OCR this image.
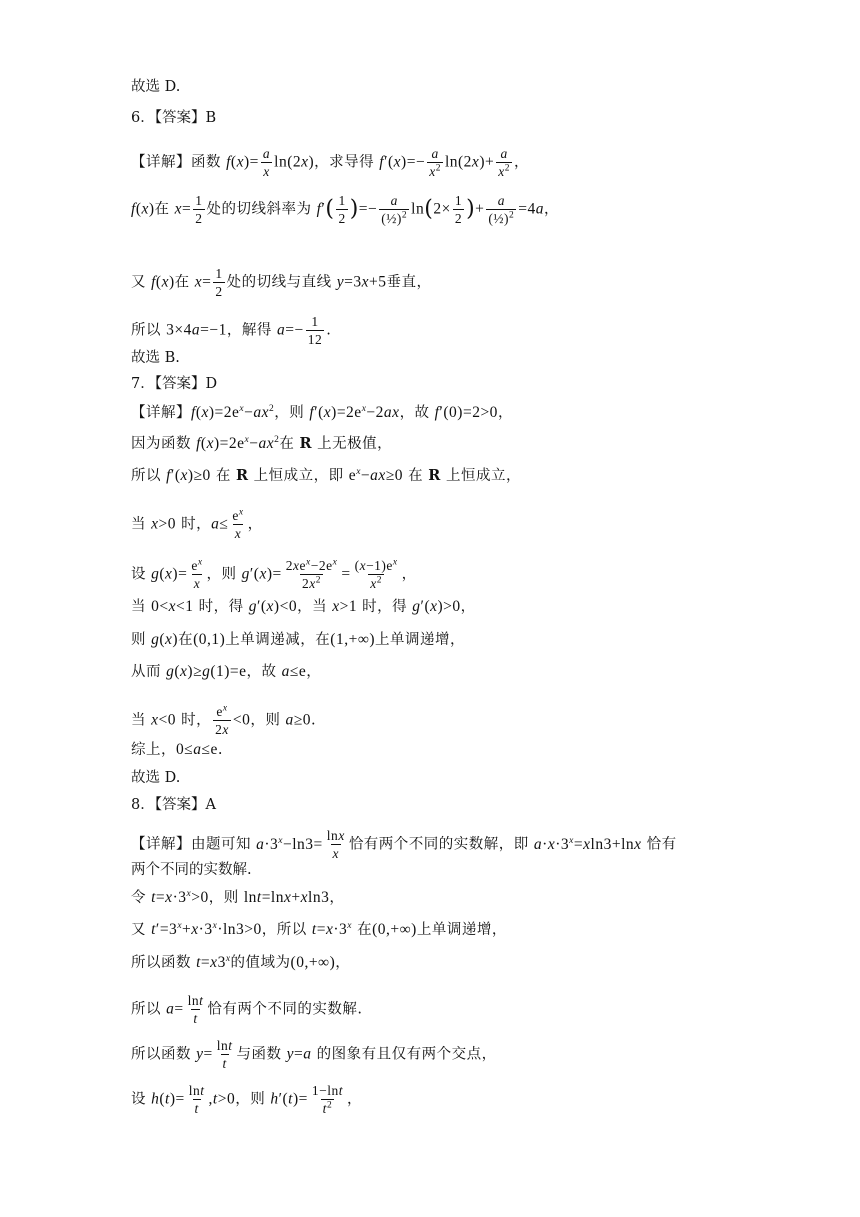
故选 D.
6．【答案】B
【详解】函数 $f(x)= \frac{a}{x} \ln(2x)$，求导得 $f'(x)=- \frac{a}{x^2} \ln(2x)+ \frac{a}{x^2}$ ，
f(x)在 $x= \frac{1}{2}$ 处的切线斜率为 $f'( \frac{1}{2}$ )=− $\frac{a}{(\frac{1}{2})^2} \ln(2\times \frac{1}{2}$ )+ $\frac{a}{(\frac{1}{2})^2} =4a$，
又 f(x)在 $x= \frac{1}{2}$ 处的切线与直线 y=3x+5垂直，
所以 3×4a=−1，解得 $a=- \frac{1}{12}$ .
故选 B.
7．【答案】D
【详解】$f(x)=2e^x-ax^2$，则 $f'(x)=2e^x-2ax$，故 f′(0)=2>0，
因为函数 $f(x)=2e^x-ax^2$在 R 上无极值，
所以 f′(x)≥0 在 R 上恒成立，即 $e^x-ax\ge 0$ 在 R 上恒成立，
当 x>0 时，$a\le \frac{e^x}{x}$ ，
设 $g(x)= \frac{e^x}{x}$ ，则 $g'(x)= \frac{2xe^x-2e^x}{2x^2} = \frac{(x-1)e^x}{x^2}$ ，
当 0<x<1 时，得 g′(x)<0，当 x>1 时，得 g′(x)>0，
则 g(x)在(0,1)上单调递减，在(1,+∞)上单调递增，
从而 g(x)≥g(1)=e，故 a≤e，
当 x<0 时， $\frac{e^x}{2x} <0$，则 a≥0.
综上，0≤a≤e.
故选 D.
8．【答案】A
【详解】由题可知 $a\cdot 3^x-\ln 3= \frac{\ln x}{x}$ 恰有两个不同的实数解，即 $a\cdot x\cdot 3^x=xln3+\ln x$ 恰有
两个不同的实数解.
令 $t=x\cdot 3^x>0$，则 lnt=lnx+xln3，
又 $t'=3^x+x\cdot 3^x\cdot\ln 3>0$，所以 $t=x\cdot 3^x$ 在(0,+∞)上单调递增，
所以函数 $t=x3^x$的值域为(0,+∞)，
所以 $a= \frac{\ln t}{t}$ 恰有两个不同的实数解.
所以函数 $y= \frac{\ln t}{t}$ 与函数 y=a 的图象有且仅有两个交点，
设 $h(t)= \frac{\ln t}{t} ,t>0$，则 $h'(t)= \frac{1-\ln t}{t^2}$ ，
